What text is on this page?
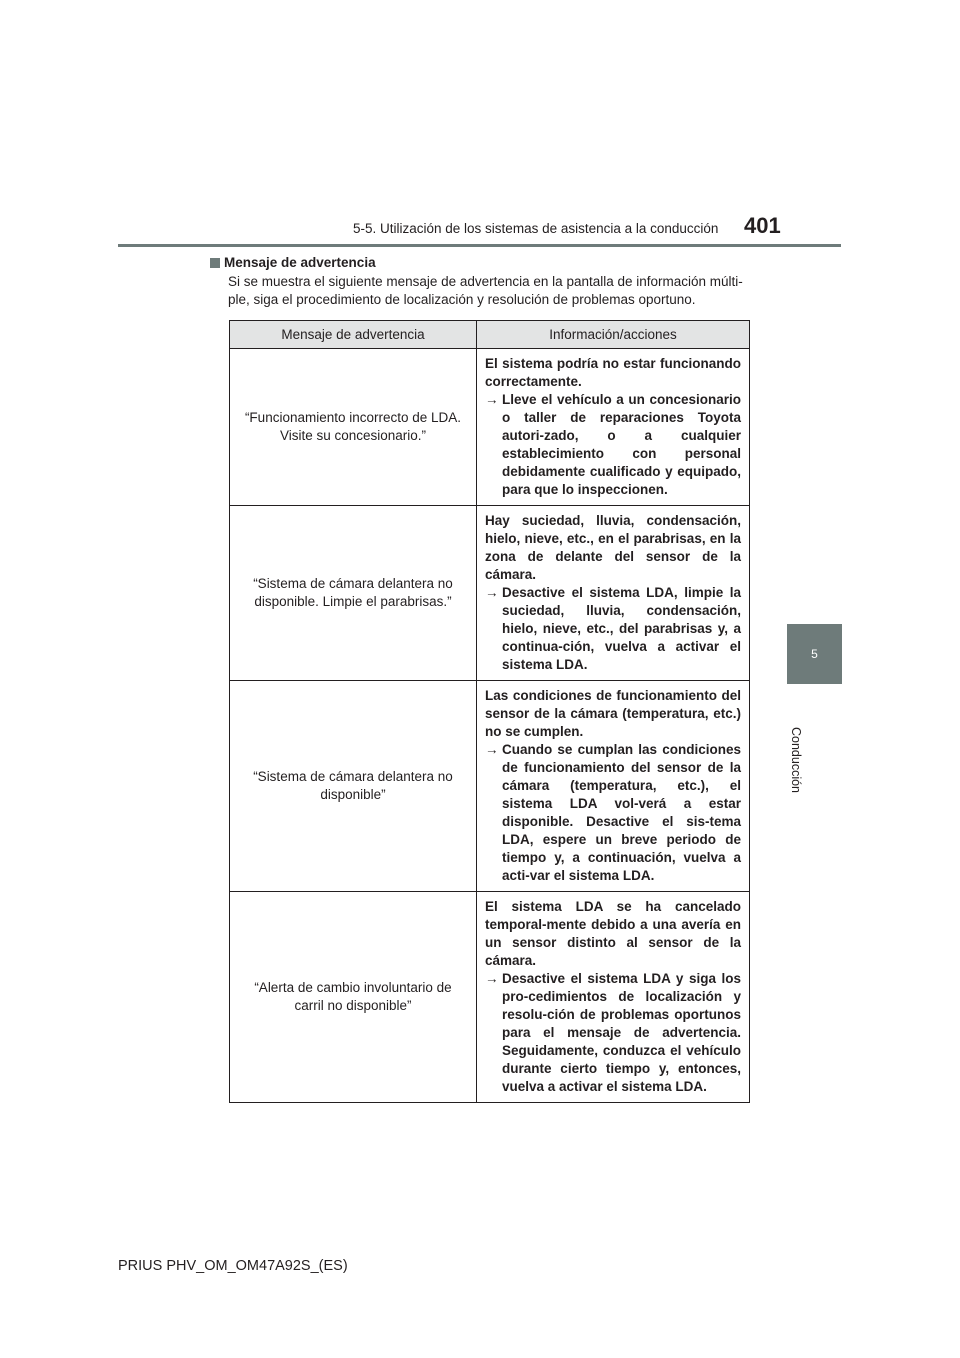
5-5. Utilización de los sistemas de asistencia a la conducción 401
5
Conducción
Mensaje de advertencia
Si se muestra el siguiente mensaje de advertencia en la pantalla de información múlti-ple, siga el procedimiento de localización y resolución de problemas oportuno.
Mensaje de advertencia	Información/acciones
“Funcionamiento incorrecto de LDA. Visite su concesionario.”	El sistema podría no estar funcionando correctamente.
→ Lleve el vehículo a un concesionario o taller de reparaciones Toyota autori-zado, o a cualquier establecimiento con personal debidamente cualificado y equipado, para que lo inspeccionen.

“Sistema de cámara delantera no disponible. Limpie el parabrisas.”	Hay suciedad, lluvia, condensación, hielo, nieve, etc., en el parabrisas, en la zona de delante del sensor de la cámara.
→ Desactive el sistema LDA, limpie la suciedad, lluvia, condensación, hielo, nieve, etc., del parabrisas y, a continua-ción, vuelva a activar el sistema LDA.

“Sistema de cámara delantera no disponible”	Las condiciones de funcionamiento del sensor de la cámara (temperatura, etc.) no se cumplen.
→ Cuando se cumplan las condiciones de funcionamiento del sensor de la cámara (temperatura, etc.), el sistema LDA vol-verá a estar disponible. Desactive el sis-tema LDA, espere un breve periodo de tiempo y, a continuación, vuelva a acti-var el sistema LDA.

“Alerta de cambio involuntario de carril no disponible”	El sistema LDA se ha cancelado temporal-mente debido a una avería en un sensor distinto al sensor de la cámara.
→ Desactive el sistema LDA y siga los pro-cedimientos de localización y resolu-ción de problemas oportunos para el mensaje de advertencia. Seguidamente, conduzca el vehículo durante cierto tiempo y, entonces, vuelva a activar el sistema LDA.
PRIUS PHV_OM_OM47A92S_(ES)
